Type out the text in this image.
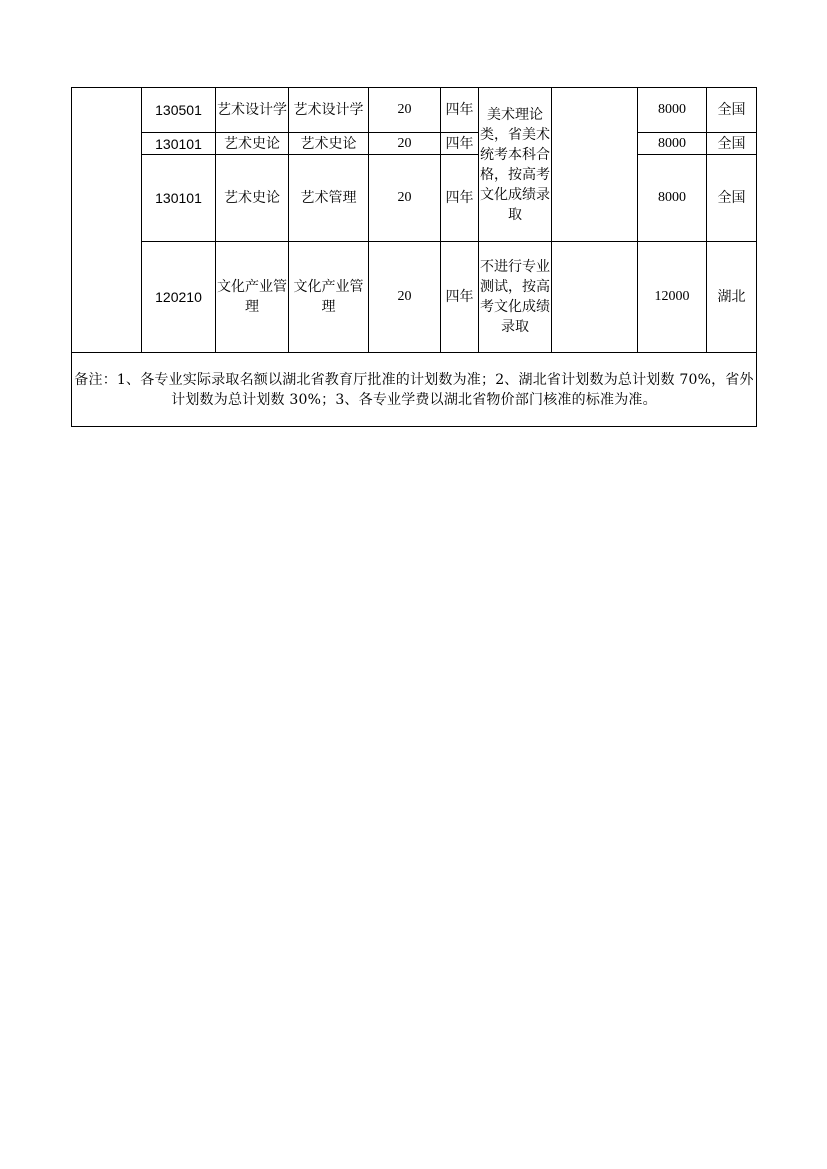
	130501	艺术设计学	艺术设计学	20	四年	美术理论类，省美术统考本科合格，按高考文化成绩录取		8000	全国
	130101	艺术史论	艺术史论	20	四年			8000	全国
	130101	艺术史论	艺术管理	20	四年			8000	全国
	120210	文化产业管理	文化产业管理	20	四年	不进行专业测试，按高考文化成绩录取		12000	湖北
备注：1、各专业实际录取名额以湖北省教育厅批准的计划数为准；2、湖北省计划数为总计划数 70%，省外计划数为总计划数 30%；3、各专业学费以湖北省物价部门核准的标准为准。									
